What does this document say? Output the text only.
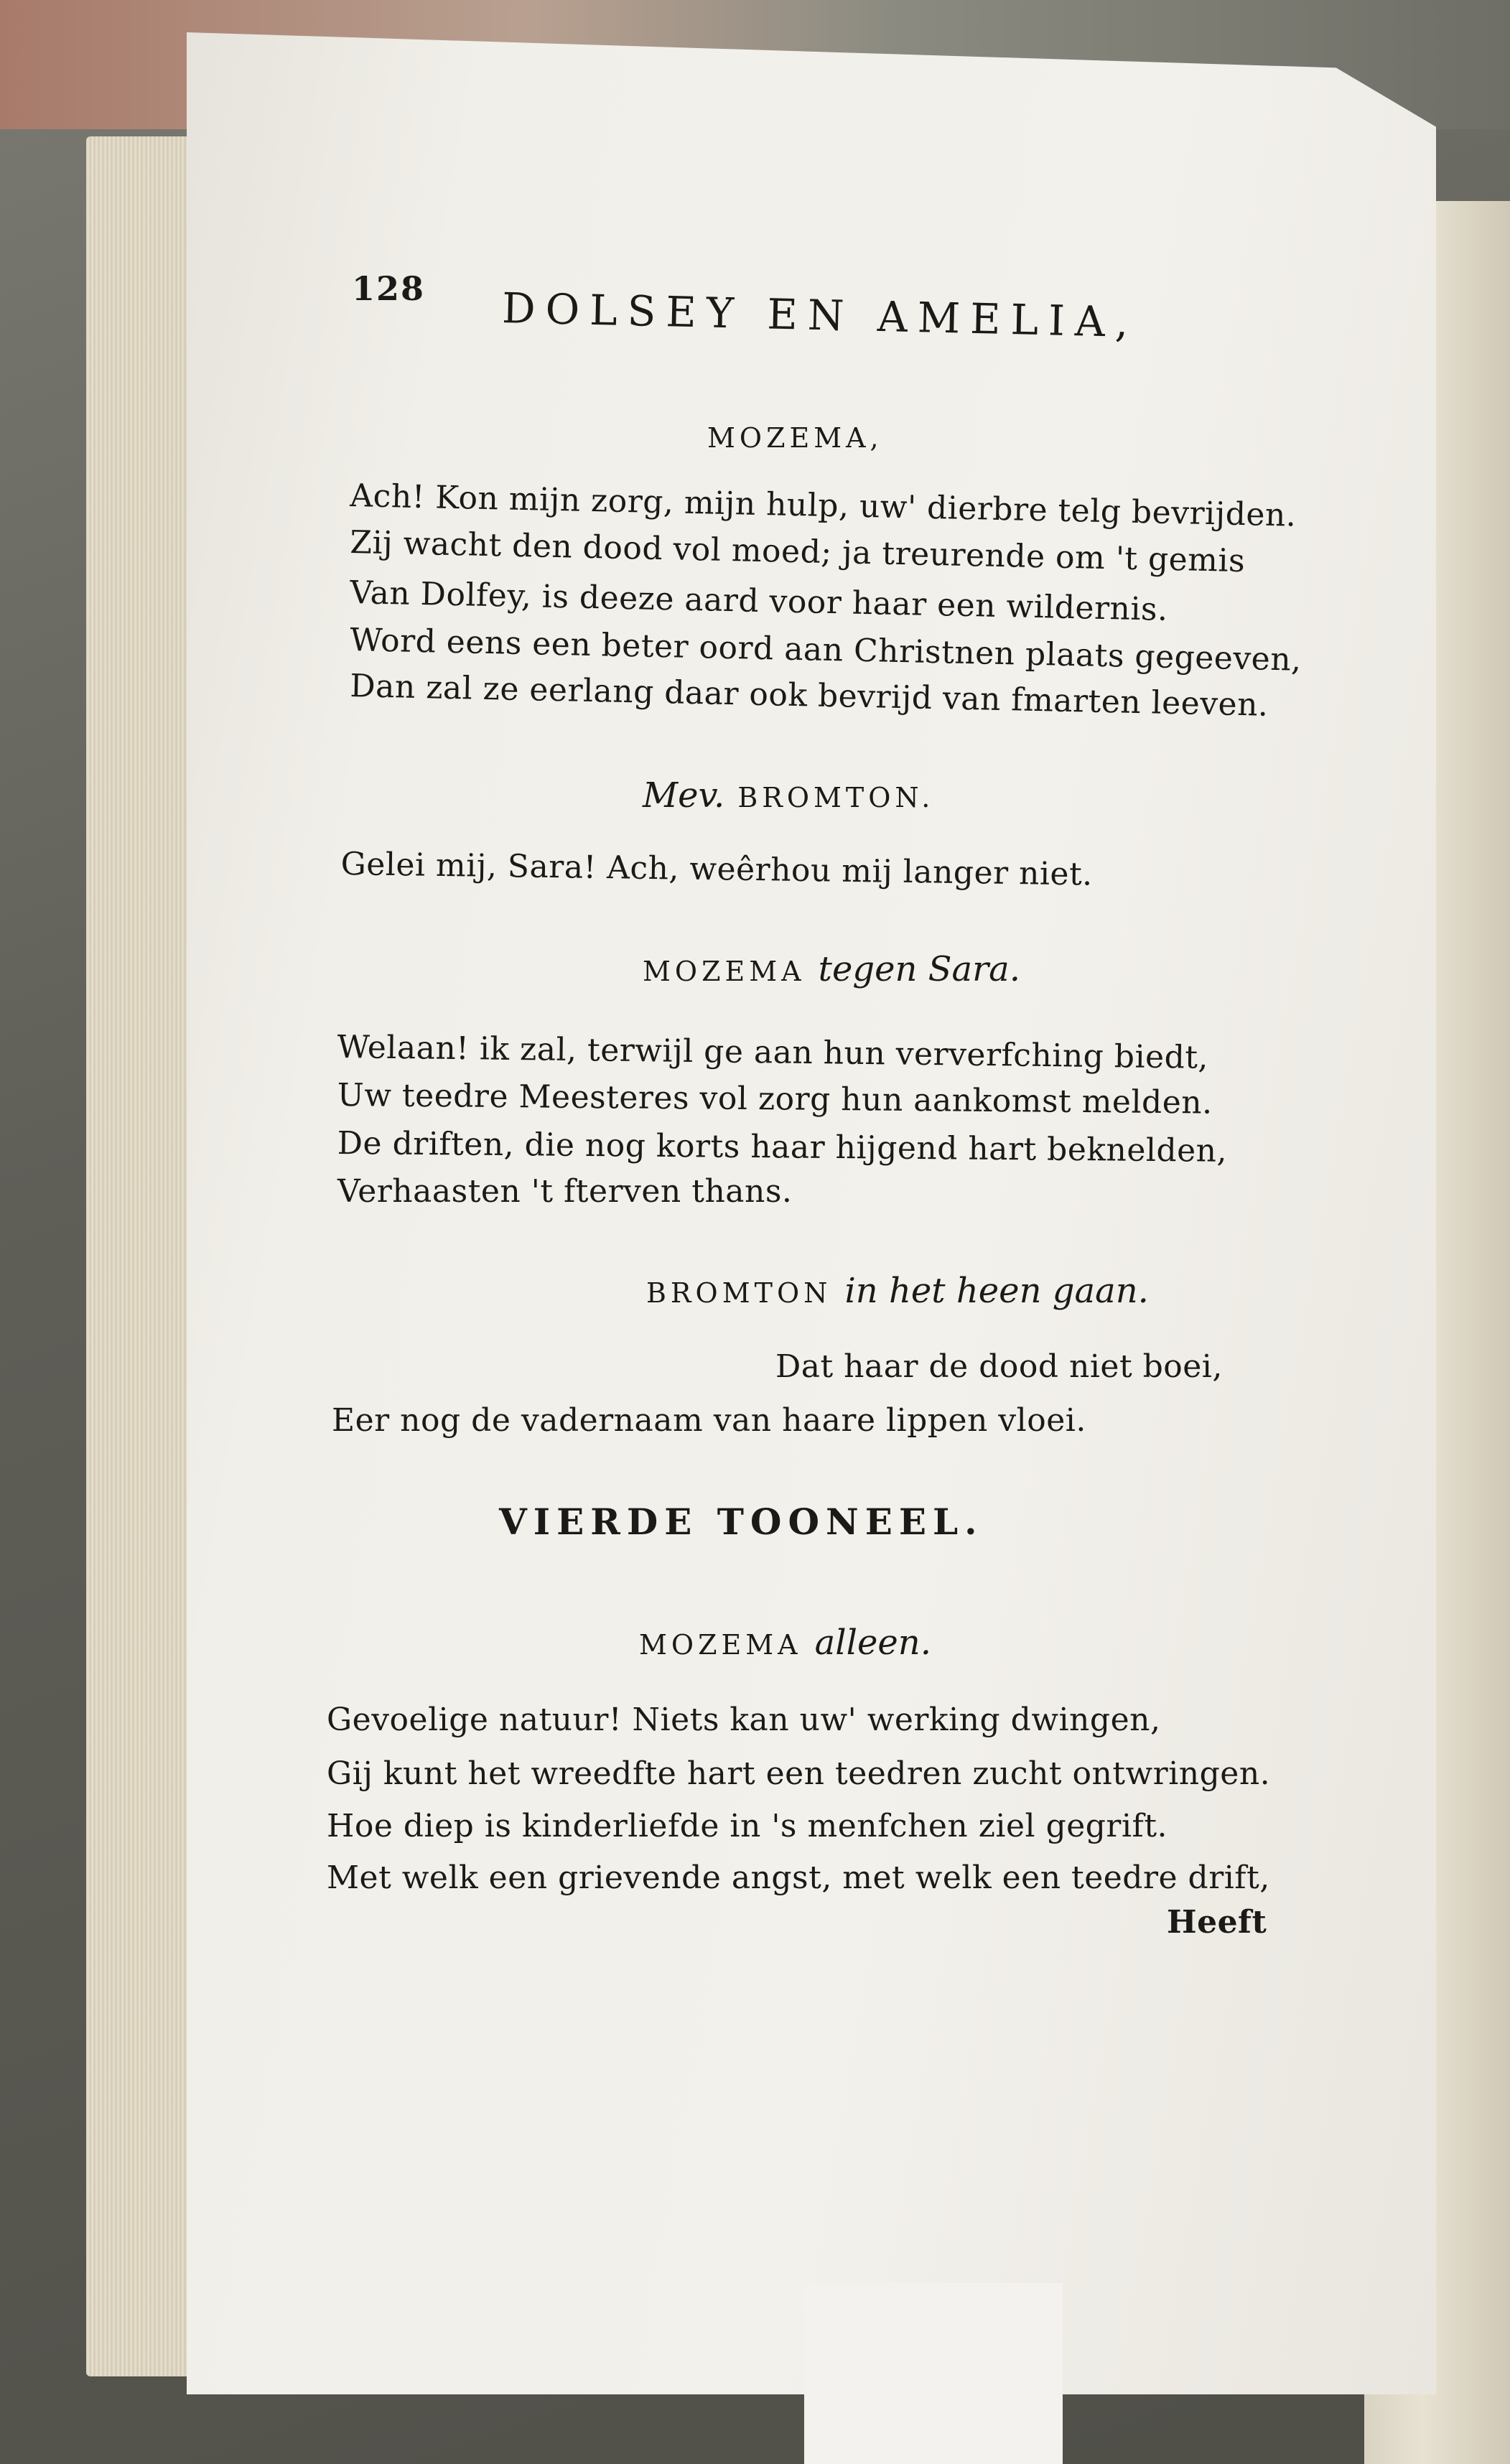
128 DOLSEY EN AMELIA,
MOZEMA,
Ach! Kon mijn zorg, mijn hulp, uw' dierbre telg bevrijden.
Zij wacht den dood vol moed; ja treurende om 't gemis
Van Dolfey, is deeze aard voor haar een wildernis.
Word eens een beter oord aan Christnen plaats gegeeven,
Dan zal ze eerlang daar ook bevrijd van fmarten leeven.
Mev. BROMTON.
Gelei mij, Sara! Ach, weêrhou mij langer niet.
MOZEMA tegen Sara.
Welaan! ik zal, terwijl ge aan hun ververfching biedt,
Uw teedre Meesteres vol zorg hun aankomst melden.
De driften, die nog korts haar hijgend hart beknelden,
Verhaasten 't fterven thans.
BROMTON in het heen gaan.
Dat haar de dood niet boei,
Eer nog de vadernaam van haare lippen vloei.
VIERDE TOONEEL.
MOZEMA alleen.
Gevoelige natuur! Niets kan uw' werking dwingen,
Gij kunt het wreedfte hart een teedren zucht ontwringen.
Hoe diep is kinderliefde in 's menfchen ziel gegrift.
Met welk een grievende angst, met welk een teedre drift,
Heeft
